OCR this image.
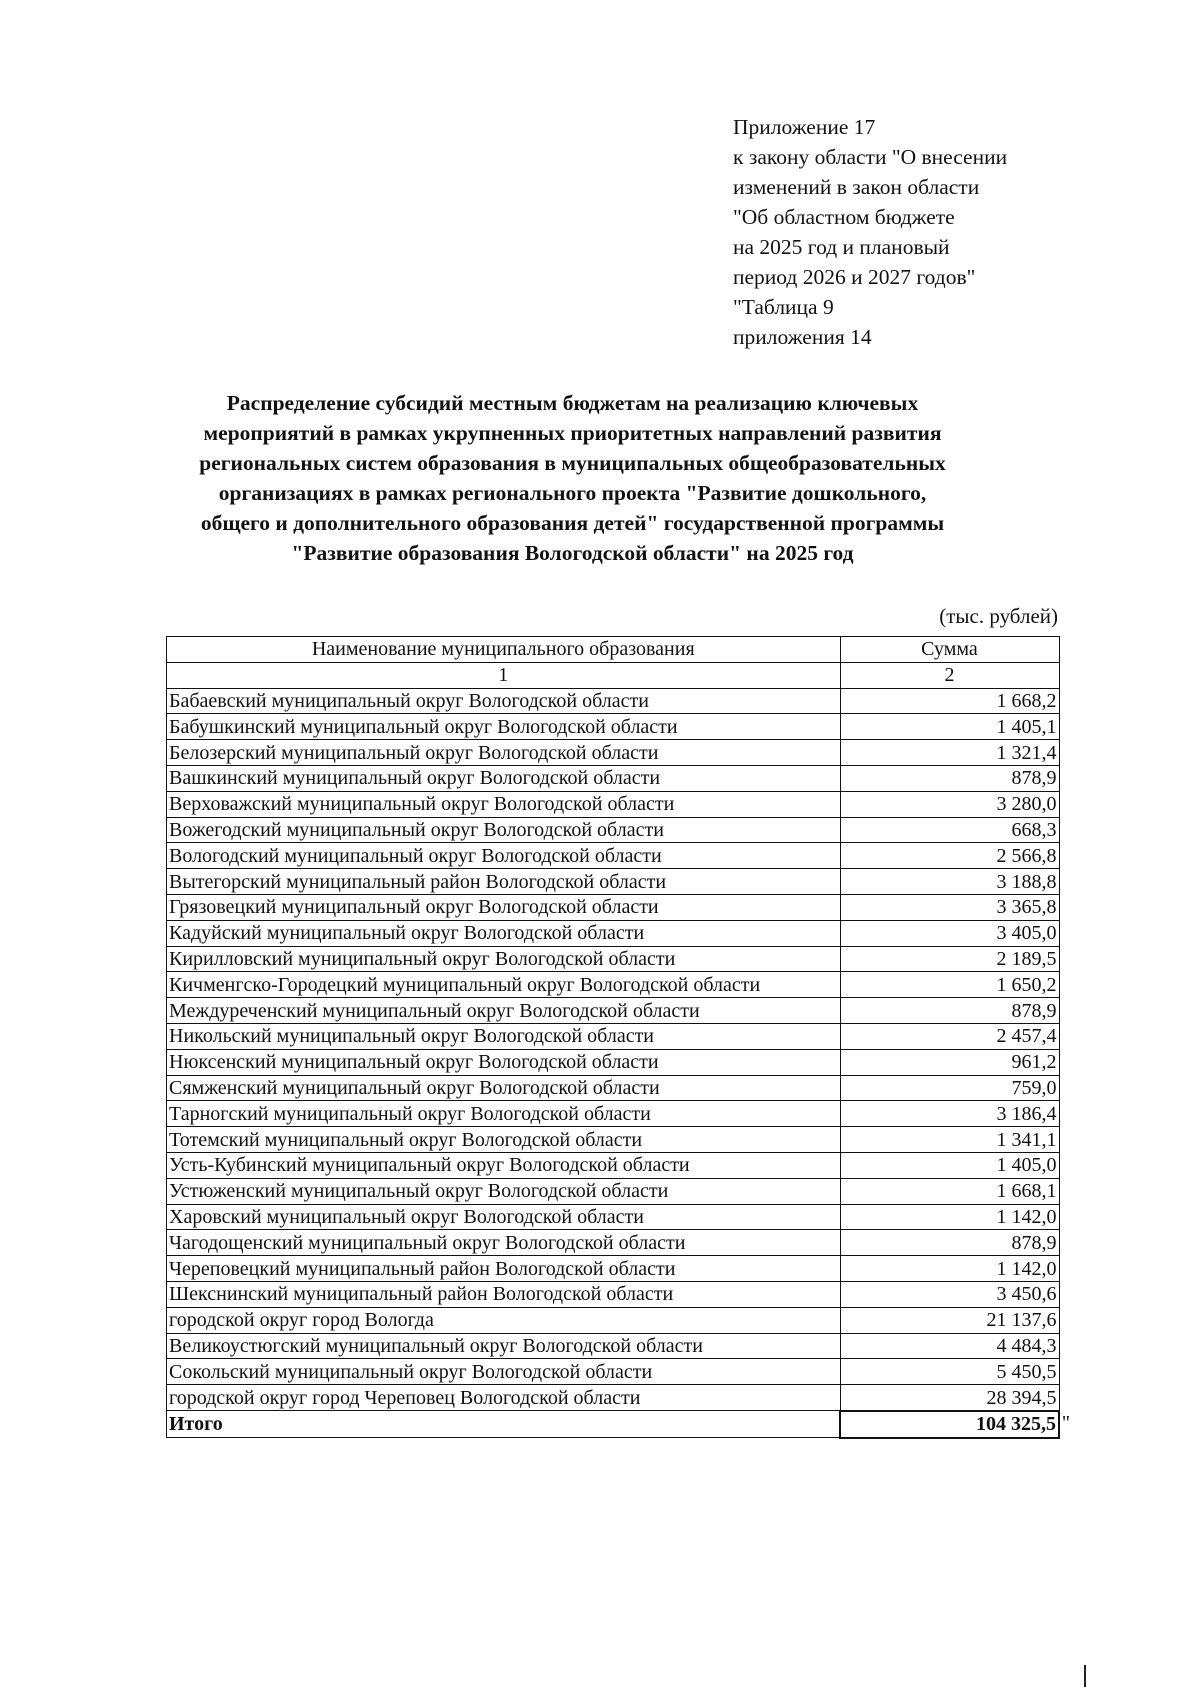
Приложение 17
к закону области "О внесении
изменений в закон области
"Об областном бюджете
на 2025 год и плановый
период 2026 и 2027 годов"
"Таблица 9
приложения 14
Распределение субсидий местным бюджетам на реализацию ключевых
мероприятий в рамках укрупненных приоритетных направлений развития
региональных систем образования в муниципальных общеобразовательных
организациях в рамках регионального проекта "Развитие дошкольного,
общего и дополнительного образования детей" государственной программы
"Развитие образования Вологодской области" на 2025 год
(тыс. рублей)
Наименование муниципального образования	Сумма
1	2
Бабаевский муниципальный округ Вологодской области	1 668,2
Бабушкинский муниципальный округ Вологодской области	1 405,1
Белозерский муниципальный округ Вологодской области	1 321,4
Вашкинский муниципальный округ Вологодской области	878,9
Верховажский муниципальный округ Вологодской области	3 280,0
Вожегодский муниципальный округ Вологодской области	668,3
Вологодский муниципальный округ Вологодской области	2 566,8
Вытегорский муниципальный район Вологодской области	3 188,8
Грязовецкий муниципальный округ Вологодской области	3 365,8
Кадуйский муниципальный округ Вологодской области	3 405,0
Кирилловский муниципальный округ Вологодской области	2 189,5
Кичменгско-Городецкий муниципальный округ Вологодской области	1 650,2
Междуреченский муниципальный округ Вологодской области	878,9
Никольский муниципальный округ Вологодской области	2 457,4
Нюксенский муниципальный округ Вологодской области	961,2
Сямженский муниципальный округ Вологодской области	759,0
Тарногский муниципальный округ Вологодской области	3 186,4
Тотемский муниципальный округ Вологодской области	1 341,1
Усть-Кубинский муниципальный округ Вологодской области	1 405,0
Устюженский муниципальный округ Вологодской области	1 668,1
Харовский муниципальный округ Вологодской области	1 142,0
Чагодощенский муниципальный округ Вологодской области	878,9
Череповецкий муниципальный район Вологодской области	1 142,0
Шекснинский муниципальный район Вологодской области	3 450,6
городской округ город Вологда	21 137,6
Великоустюгский муниципальный округ Вологодской области	4 484,3
Сокольский муниципальный округ Вологодской области	5 450,5
городской округ город Череповец Вологодской области	28 394,5
Итого	104 325,5 "
